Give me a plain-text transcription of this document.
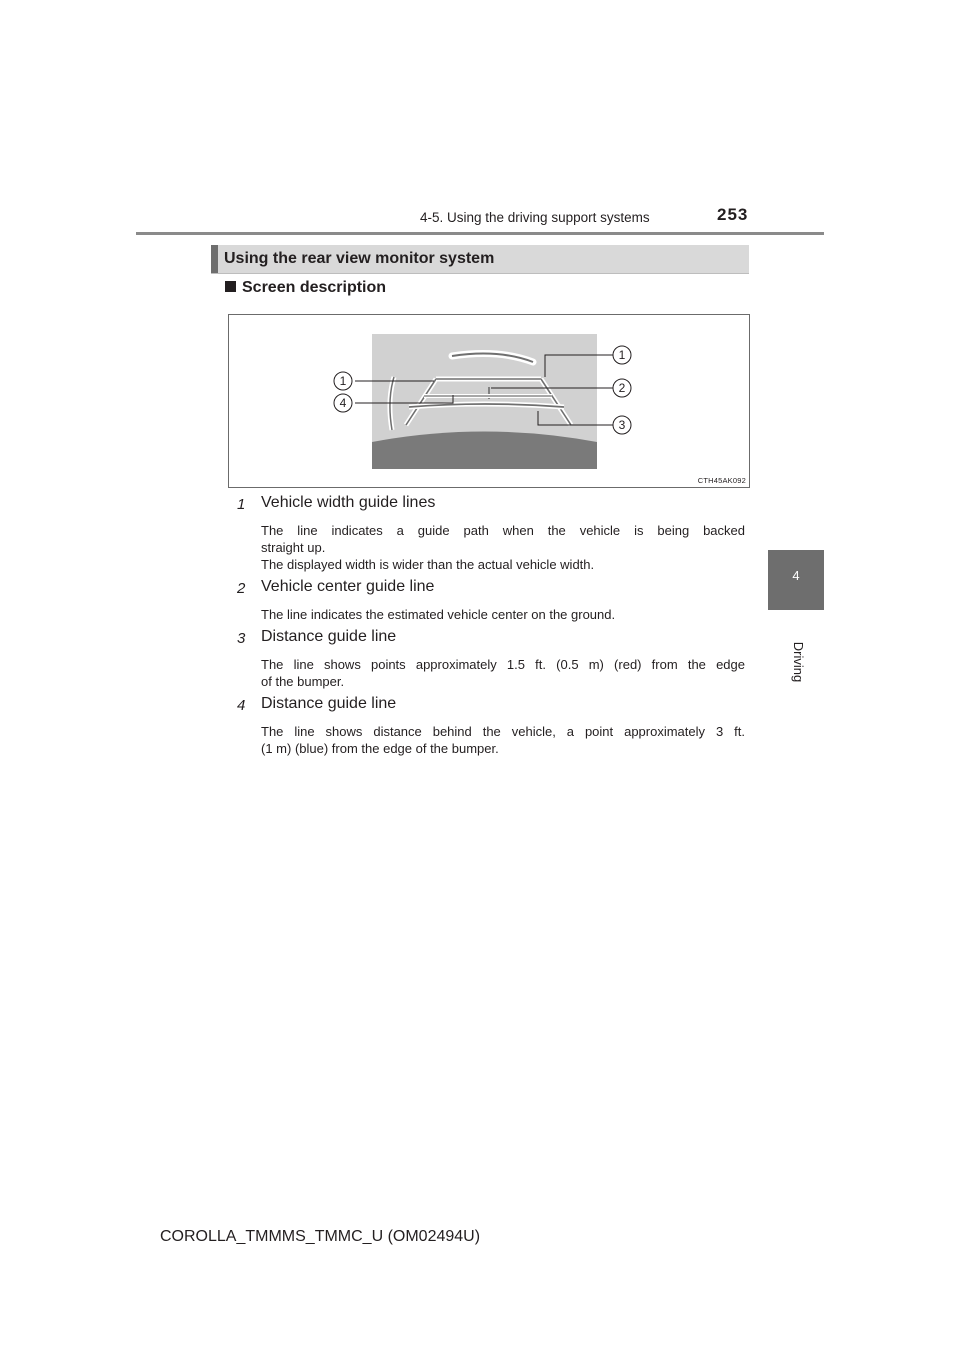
4-5. Using the driving support systems	253
4
Driving
Using the rear view monitor system
Screen description
1
2
3
1
4
CTH45AK092
1 Vehicle width guide lines
The line indicates a guide path when the vehicle is being backed
straight up.
The displayed width is wider than the actual vehicle width.
2 Vehicle center guide line
The line indicates the estimated vehicle center on the ground.
3 Distance guide line
The line shows points approximately 1.5 ft. (0.5 m) (red) from the edge
of the bumper.
4 Distance guide line
The line shows distance behind the vehicle, a point approximately 3 ft.
(1 m) (blue) from the edge of the bumper.
COROLLA_TMMMS_TMMC_U (OM02494U)
